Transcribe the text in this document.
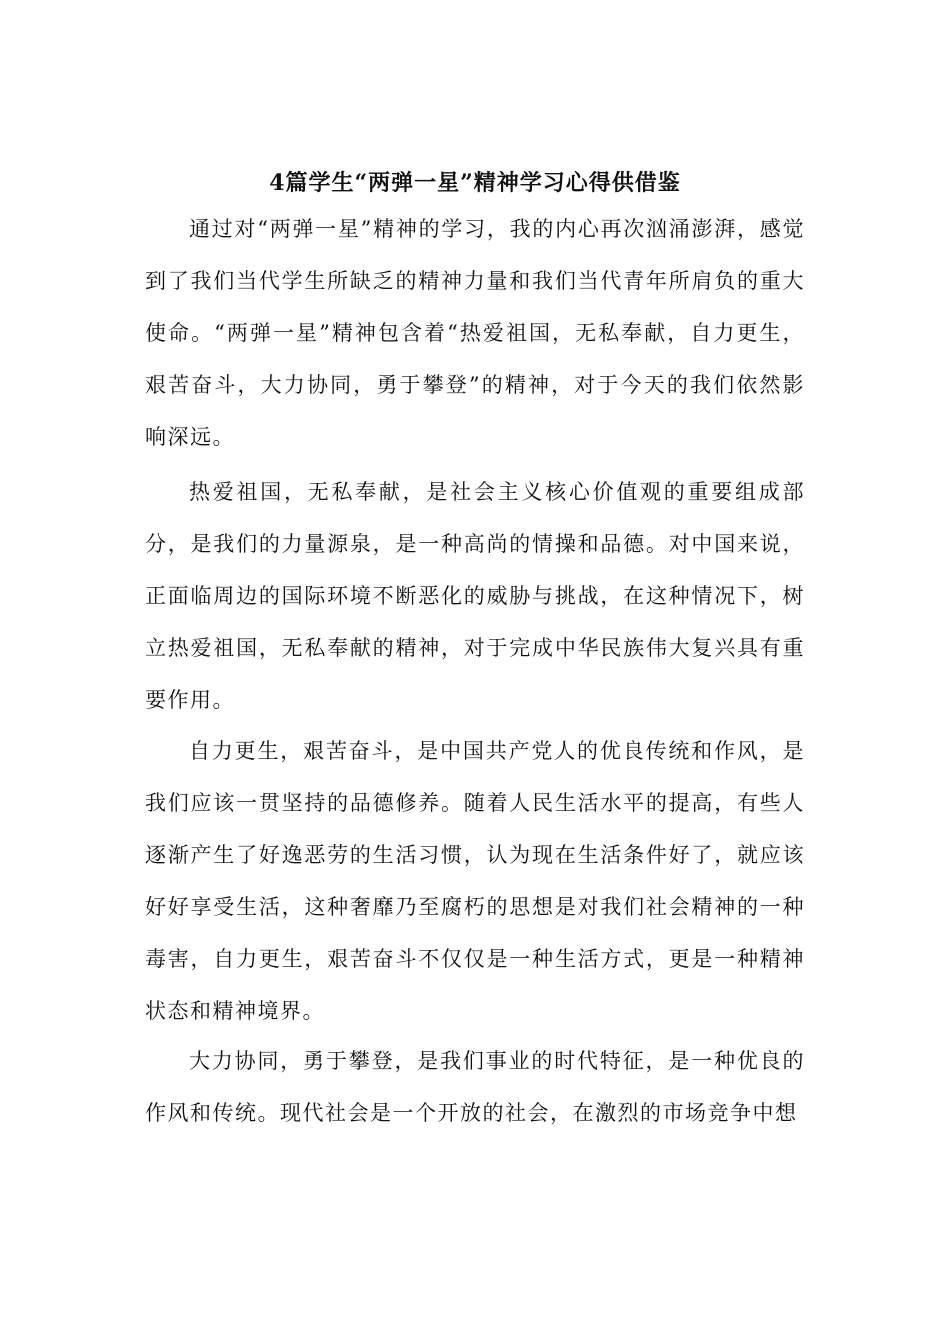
4篇学生“两弹一星”精神学习心得供借鉴

通过对“两弹一星”精神的学习，我的内心再次汹涌澎湃，感觉到了我们当代学生所缺乏的精神力量和我们当代青年所肩负的重大使命。“两弹一星”精神包含着“热爱祖国，无私奉献，自力更生，艰苦奋斗，大力协同，勇于攀登”的精神，对于今天的我们依然影响深远。

热爱祖国，无私奉献，是社会主义核心价值观的重要组成部分，是我们的力量源泉，是一种高尚的情操和品德。对中国来说，正面临周边的国际环境不断恶化的威胁与挑战，在这种情况下，树立热爱祖国，无私奉献的精神，对于完成中华民族伟大复兴具有重要作用。

自力更生，艰苦奋斗，是中国共产党人的优良传统和作风，是我们应该一贯坚持的品德修养。随着人民生活水平的提高，有些人逐渐产生了好逸恶劳的生活习惯，认为现在生活条件好了，就应该好好享受生活，这种奢靡乃至腐朽的思想是对我们社会精神的一种毒害，自力更生，艰苦奋斗不仅仅是一种生活方式，更是一种精神状态和精神境界。

大力协同，勇于攀登，是我们事业的时代特征，是一种优良的作风和传统。现代社会是一个开放的社会，在激烈的市场竞争中想
